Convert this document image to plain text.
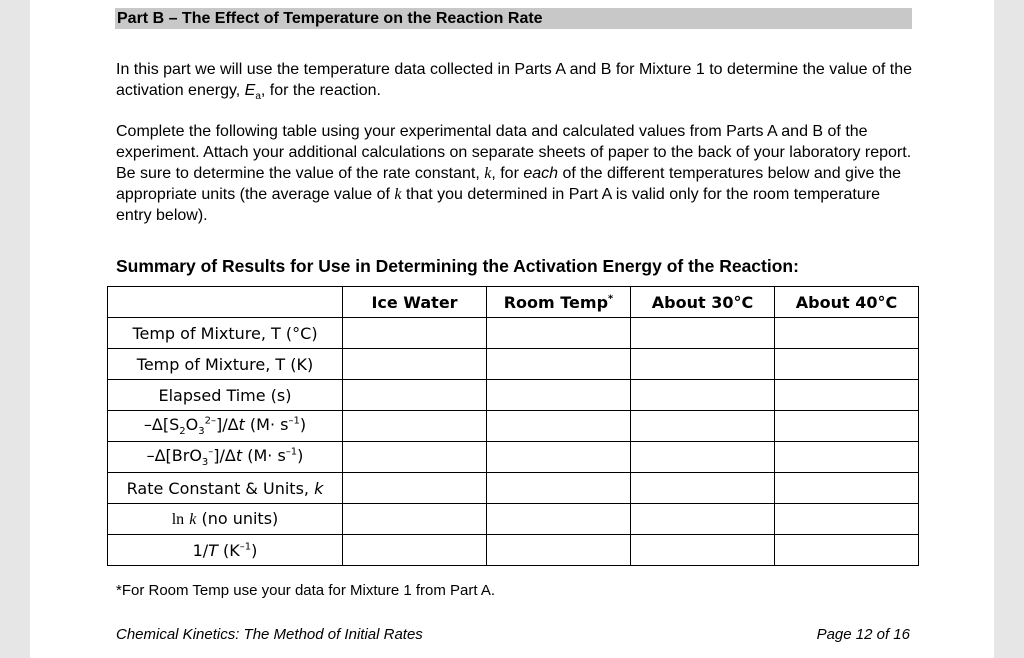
Part B – The Effect of Temperature on the Reaction Rate
In this part we will use the temperature data collected in Parts A and B for Mixture 1 to determine the value of the activation energy, $E_a$, for the reaction.
Complete the following table using your experimental data and calculated values from Parts A and B of the experiment. Attach your additional calculations on separate sheets of paper to the back of your laboratory report. Be sure to determine the value of the rate constant, k, for each of the different temperatures below and give the appropriate units (the average value of k that you determined in Part A is valid only for the room temperature entry below).
Summary of Results for Use in Determining the Activation Energy of the Reaction:
	Ice Water	Room Temp*	About 30°C	About 40°C
Temp of Mixture, T (°C)				
Temp of Mixture, T (K)				
Elapsed Time (s)				
$-\Delta[S_2O_3^{2-}]/\Delta t$ $(M\cdot s^{-1})$				
–Δ[BrO$_3$–]/Δt $(M\cdot s^{-1})$				
Rate Constant & Units, k				
ln k (no units)				
1/T $(K^{-1})$				
*For Room Temp use your data for Mixture 1 from Part A.
Chemical Kinetics: The Method of Initial Rates	Page 12 of 16
